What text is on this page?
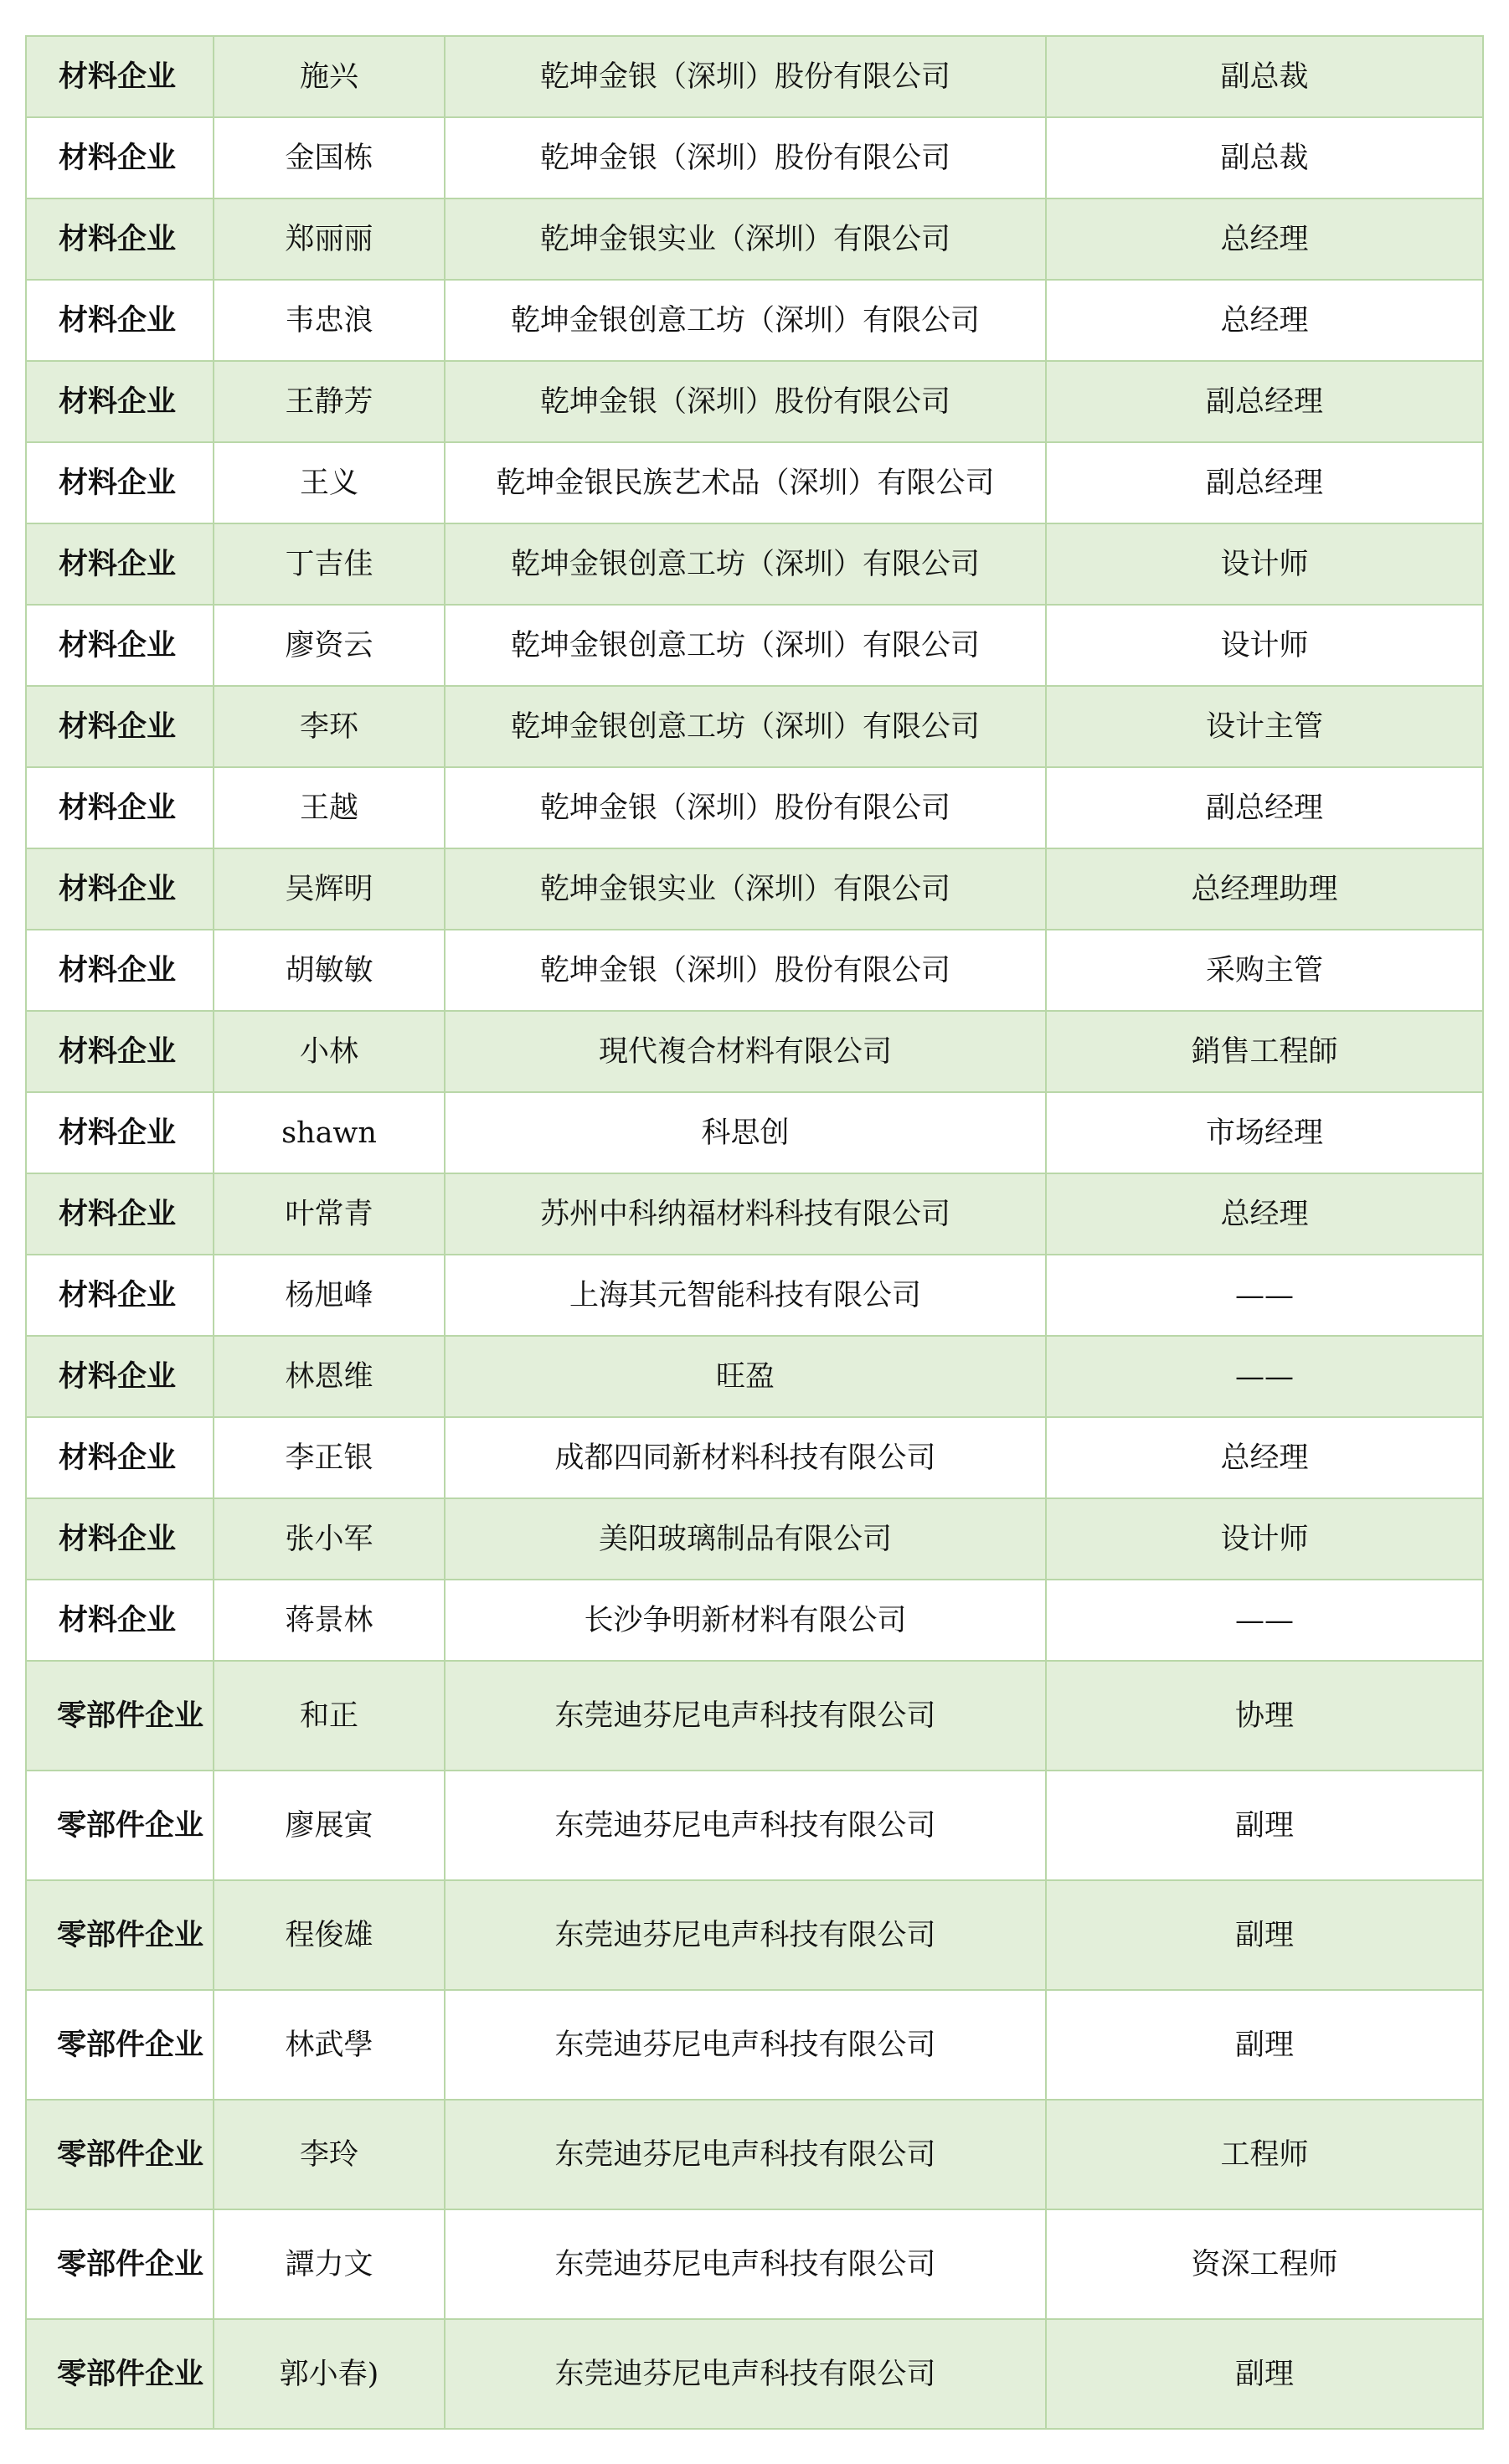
材料企业	施兴	乾坤金银（深圳）股份有限公司	副总裁
材料企业	金国栋	乾坤金银（深圳）股份有限公司	副总裁
材料企业	郑丽丽	乾坤金银实业（深圳）有限公司	总经理
材料企业	韦忠浪	乾坤金银创意工坊（深圳）有限公司	总经理
材料企业	王静芳	乾坤金银（深圳）股份有限公司	副总经理
材料企业	王义	乾坤金银民族艺术品（深圳）有限公司	副总经理
材料企业	丁吉佳	乾坤金银创意工坊（深圳）有限公司	设计师
材料企业	廖资云	乾坤金银创意工坊（深圳）有限公司	设计师
材料企业	李环	乾坤金银创意工坊（深圳）有限公司	设计主管
材料企业	王越	乾坤金银（深圳）股份有限公司	副总经理
材料企业	吴辉明	乾坤金银实业（深圳）有限公司	总经理助理
材料企业	胡敏敏	乾坤金银（深圳）股份有限公司	采购主管
材料企业	小林	現代複合材料有限公司	銷售工程師
材料企业	shawn	科思创	市场经理
材料企业	叶常青	苏州中科纳福材料科技有限公司	总经理
材料企业	杨旭峰	上海其元智能科技有限公司	——
材料企业	林恩维	旺盈	——
材料企业	李正银	成都四同新材料科技有限公司	总经理
材料企业	张小军	美阳玻璃制品有限公司	设计师
材料企业	蒋景林	长沙争明新材料有限公司	——
零部件企业	和正	东莞迪芬尼电声科技有限公司	协理
零部件企业	廖展寅	东莞迪芬尼电声科技有限公司	副理
零部件企业	程俊雄	东莞迪芬尼电声科技有限公司	副理
零部件企业	林武學	东莞迪芬尼电声科技有限公司	副理
零部件企业	李玲	东莞迪芬尼电声科技有限公司	工程师
零部件企业	譚力文	东莞迪芬尼电声科技有限公司	资深工程师
零部件企业	郭小春)	东莞迪芬尼电声科技有限公司	副理
